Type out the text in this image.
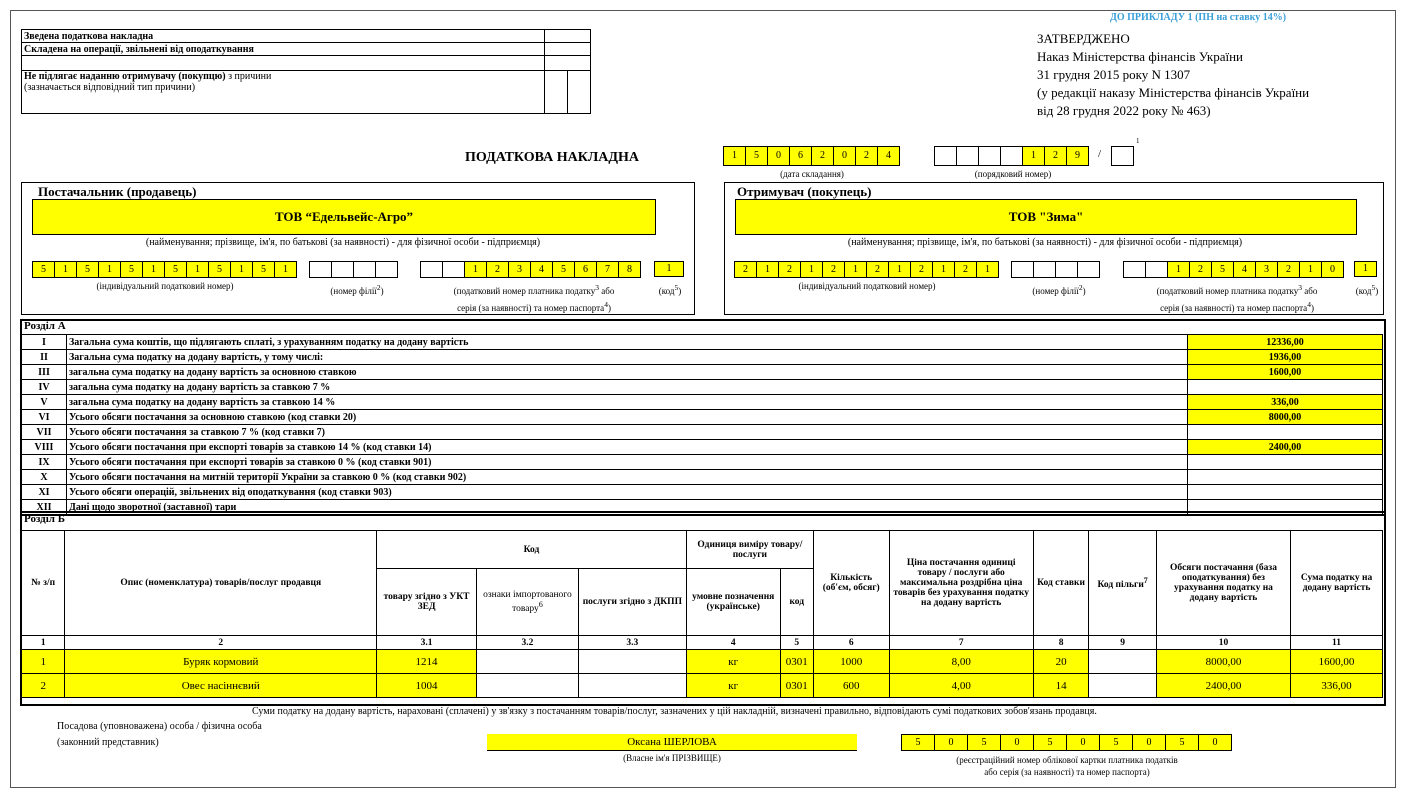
ДО ПРИКЛАДУ 1 (ПН на ставку 14%)
Зведена податкова накладна		
Складена на операції, звільнені від оподаткування		

Не підлягає наданню отримувачу (покупцю) з причини
(зазначається відповідний тип причини)		
ЗАТВЕРДЖЕНО
Наказ Міністерства фінансів України
31 грудня 2015 року N 1307
(у редакції наказу Міністерства фінансів України
від 28 грудня 2022 року № 463)
ПОДАТКОВА НАКЛАДНА	1	5	0	6	2	0	2	4
(дата складання)
1	2	9
(порядковий номер)
/
1
Постачальник (продавець)
ТОВ “Едельвейс-Агро”
(найменування; прізвище, ім'я, по батькові (за наявності) - для фізичної особи - підприємця)
5	1	5	1	5	1	5	1	5	1	5	1
(індивідуальний податковий номер)	(номер філії$^2$)
1	2	3	4	5	6	7	8
(податковий номер платника податку$^3$ або
серія (за наявності) та номер паспорта$^4$)
1
(код$^5$)
Отримувач (покупець)
ТОВ "Зима"
(найменування; прізвище, ім'я, по батькові (за наявності) - для фізичної особи - підприємця)
2	1	2	1	2	1	2	1	2	1	2	1
(індивідуальний податковий номер)	(номер філії$^2$)
1	2	5	4	3	2	1	0
(податковий номер платника податку$^3$ або
серія (за наявності) та номер паспорта$^4$)
1
(код$^5$)
Розділ А
I	Загальна сума коштів, що підлягають сплаті, з урахуванням податку на додану вартість	12336,00
II	Загальна сума податку на додану вартість, у тому числі:	1936,00
III	загальна сума податку на додану вартість за основною ставкою	1600,00
IV	загальна сума податку на додану вартість за ставкою 7 %	
V	загальна сума податку на додану вартість за ставкою 14 %	336,00
VI	Усього обсяги постачання за основною ставкою (код ставки 20)	8000,00
VII	Усього обсяги постачання за ставкою 7 % (код ставки 7)	
VIII	Усього обсяги постачання при експорті товарів за ставкою 14 % (код ставки 14)	2400,00
IX	Усього обсяги постачання при експорті товарів за ставкою 0 % (код ставки 901)	
X	Усього обсяги постачання на митній території України за ставкою 0 % (код ставки 902)	
XI	Усього обсяги операцій, звільнених від оподаткування (код ставки 903)	
XII	Дані щодо зворотної (заставної) тари	
Розділ Б
№ з/п	Опис (номенклатура) товарів/послуг продавця	Код			Одиниця виміру товару/послуги		Кількість (об'єм, обсяг)	Ціна постачання одиниці товару / послуги або максимальна роздрібна ціна товарів без урахування податку на додану вартість	Код ставки	Код пільги$^7$	Обсяги постачання (база оподаткування) без урахування податку на додану вартість	Сума податку на додану вартість
		товару згідно з УКТ ЗЕД	ознаки імпортованого товару$^6$	послуги згідно з ДКПП	умовне позначення (українське)	код						
1	2	3.1	3.2	3.3	4	5	6	7	8	9	10	11
1	Буряк кормовий	1214			кг	0301	1000	8,00	20		8000,00	1600,00
2	Овес насіннєвий	1004			кг	0301	600	4,00	14		2400,00	336,00
Суми податку на додану вартість, нараховані (сплачені) у зв'язку з постачанням товарів/послуг, зазначених у цій накладній, визначені правильно, відповідають сумі податкових зобов'язань продавця.
Посадова (уповноважена) особа / фізична особа
(законний представник)	Оксана ШЕРЛОВА
(Власне ім'я ПРІЗВИЩЕ)
5	0	5	0	5	0	5	0	5	0
(реєстраційний номер облікової картки платника податків
або серія (за наявності) та номер паспорта)
